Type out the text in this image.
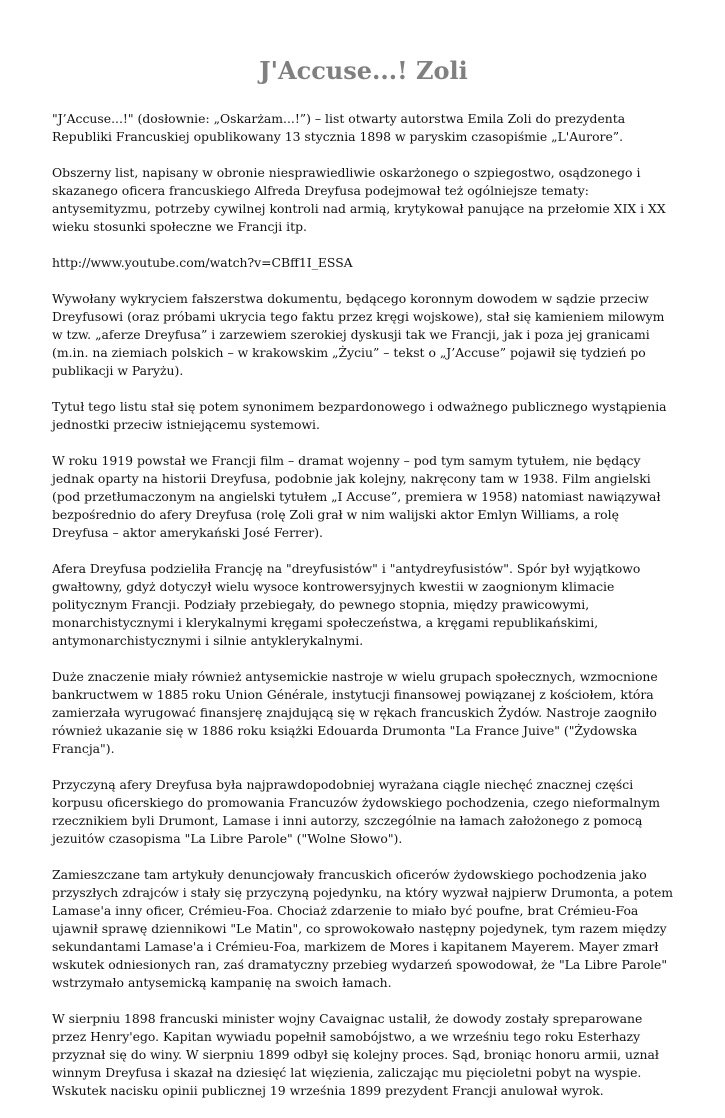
J'Accuse...! Zoli

"J’Accuse...!" (dosłownie: „Oskarżam...!”) – list otwarty autorstwa Emila Zoli do prezydenta Republiki Francuskiej opublikowany 13 stycznia 1898 w paryskim czasopiśmie „L'Aurore”.

Obszerny list, napisany w obronie niesprawiedliwie oskarżonego o szpiegostwo, osądzonego i skazanego oficera francuskiego Alfreda Dreyfusa podejmował też ogólniejsze tematy: antysemityzmu, potrzeby cywilnej kontroli nad armią, krytykował panujące na przełomie XIX i XX wieku stosunki społeczne we Francji itp.

http://www.youtube.com/watch?v=CBff1I_ESSA

Wywołany wykryciem fałszerstwa dokumentu, będącego koronnym dowodem w sądzie przeciw Dreyfusowi (oraz próbami ukrycia tego faktu przez kręgi wojskowe), stał się kamieniem milowym w tzw. „aferze Dreyfusa” i zarzewiem szerokiej dyskusji tak we Francji, jak i poza jej granicami (m.in. na ziemiach polskich – w krakowskim „Życiu” – tekst o „J’Accuse” pojawił się tydzień po publikacji w Paryżu).

Tytuł tego listu stał się potem synonimem bezpardonowego i odważnego publicznego wystąpienia jednostki przeciw istniejącemu systemowi.

W roku 1919 powstał we Francji film – dramat wojenny – pod tym samym tytułem, nie będący jednak oparty na historii Dreyfusa, podobnie jak kolejny, nakręcony tam w 1938. Film angielski (pod przetłumaczonym na angielski tytułem „I Accuse”, premiera w 1958) natomiast nawiązywał bezpośrednio do afery Dreyfusa (rolę Zoli grał w nim walijski aktor Emlyn Williams, a rolę Dreyfusa – aktor amerykański José Ferrer).

Afera Dreyfusa podzieliła Francję na "dreyfusistów" i "antydreyfusistów". Spór był wyjątkowo gwałtowny, gdyż dotyczył wielu wysoce kontrowersyjnych kwestii w zaognionym klimacie politycznym Francji. Podziały przebiegały, do pewnego stopnia, między prawicowymi, monarchistycznymi i klerykalnymi kręgami społeczeństwa, a kręgami republikańskimi, antymonarchistycznymi i silnie antyklerykalnymi.

Duże znaczenie miały również antysemickie nastroje w wielu grupach społecznych, wzmocnione bankructwem w 1885 roku Union Générale, instytucji finansowej powiązanej z kościołem, która zamierzała wyrugować finansjerę znajdującą się w rękach francuskich Żydów. Nastroje zaogniło również ukazanie się w 1886 roku książki Edouarda Drumonta "La France Juive" ("Żydowska Francja").

Przyczyną afery Dreyfusa była najprawdopodobniej wyrażana ciągle niechęć znacznej części korpusu oficerskiego do promowania Francuzów żydowskiego pochodzenia, czego nieformalnym rzecznikiem byli Drumont, Lamase i inni autorzy, szczególnie na łamach założonego z pomocą jezuitów czasopisma "La Libre Parole" ("Wolne Słowo").

Zamieszczane tam artykuły denuncjowały francuskich oficerów żydowskiego pochodzenia jako przyszłych zdrajców i stały się przyczyną pojedynku, na który wyzwał najpierw Drumonta, a potem Lamase'a inny oficer, Crémieu-Foa. Chociaż zdarzenie to miało być poufne, brat Crémieu-Foa ujawnił sprawę dziennikowi "Le Matin", co sprowokowało następny pojedynek, tym razem między sekundantami Lamase'a i Crémieu-Foa, markizem de Mores i kapitanem Mayerem. Mayer zmarł wskutek odniesionych ran, zaś dramatyczny przebieg wydarzeń spowodował, że "La Libre Parole" wstrzymało antysemicką kampanię na swoich łamach.

W sierpniu 1898 francuski minister wojny Cavaignac ustalił, że dowody zostały spreparowane przez Henry'ego. Kapitan wywiadu popełnił samobójstwo, a we wrześniu tego roku Esterhazy przyznał się do winy. W sierpniu 1899 odbył się kolejny proces. Sąd, broniąc honoru armii, uznał winnym Dreyfusa i skazał na dziesięć lat więzienia, zaliczając mu pięcioletni pobyt na wyspie. Wskutek nacisku opinii publicznej 19 września 1899 prezydent Francji anulował wyrok.
